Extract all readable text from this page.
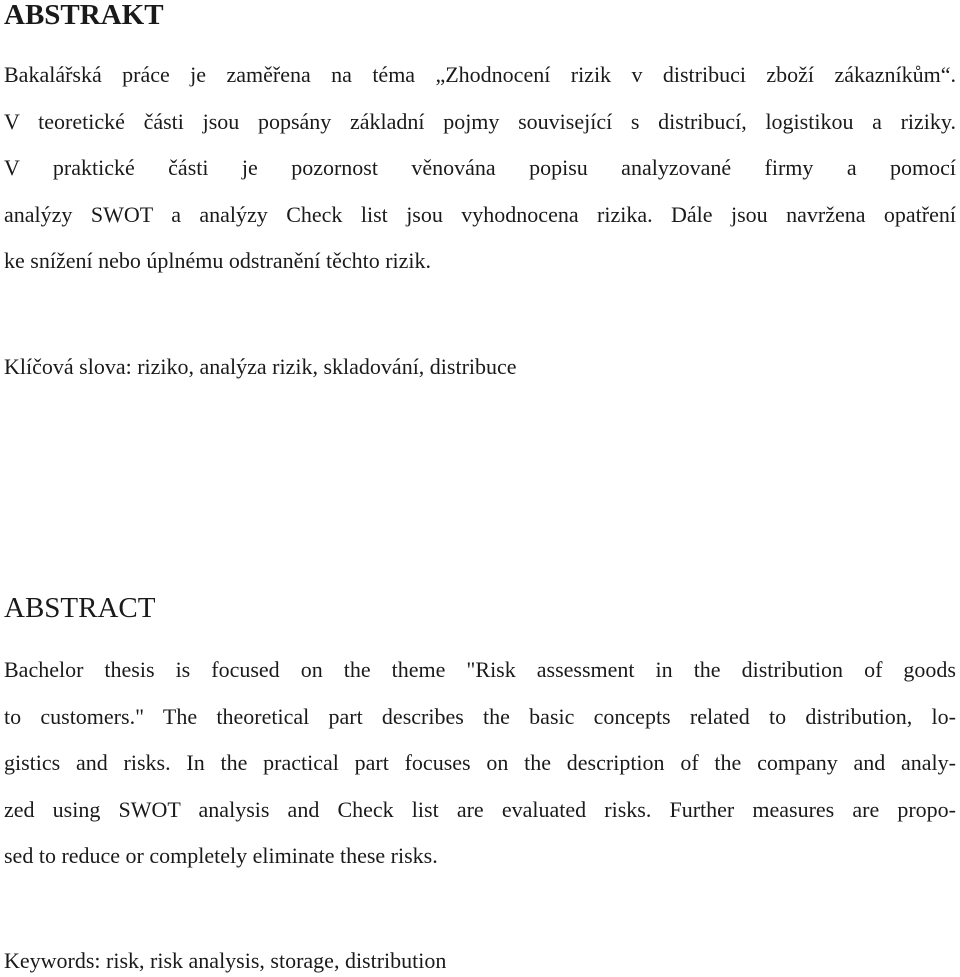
ABSTRAKT
Bakalářská práce je zaměřena na téma „Zhodnocení rizik v distribuci zboží zákazníkům“.
V teoretické části jsou popsány základní pojmy související s distribucí, logistikou a riziky.
V praktické části je pozornost věnována popisu analyzované firmy a pomocí
analýzy SWOT a analýzy Check list jsou vyhodnocena rizika. Dále jsou navržena opatření
ke snížení nebo úplnému odstranění těchto rizik.

Klíčová slova: riziko, analýza rizik, skladování, distribuce

ABSTRACT
Bachelor thesis is focused on the theme "Risk assessment in the distribution of goods
to customers." The theoretical part describes the basic concepts related to distribution, lo-
gistics and risks. In the practical part focuses on the description of the company and analy-
zed using SWOT analysis and Check list are evaluated risks. Further measures are propo-
sed to reduce or completely eliminate these risks.

Keywords: risk, risk analysis, storage, distribution
